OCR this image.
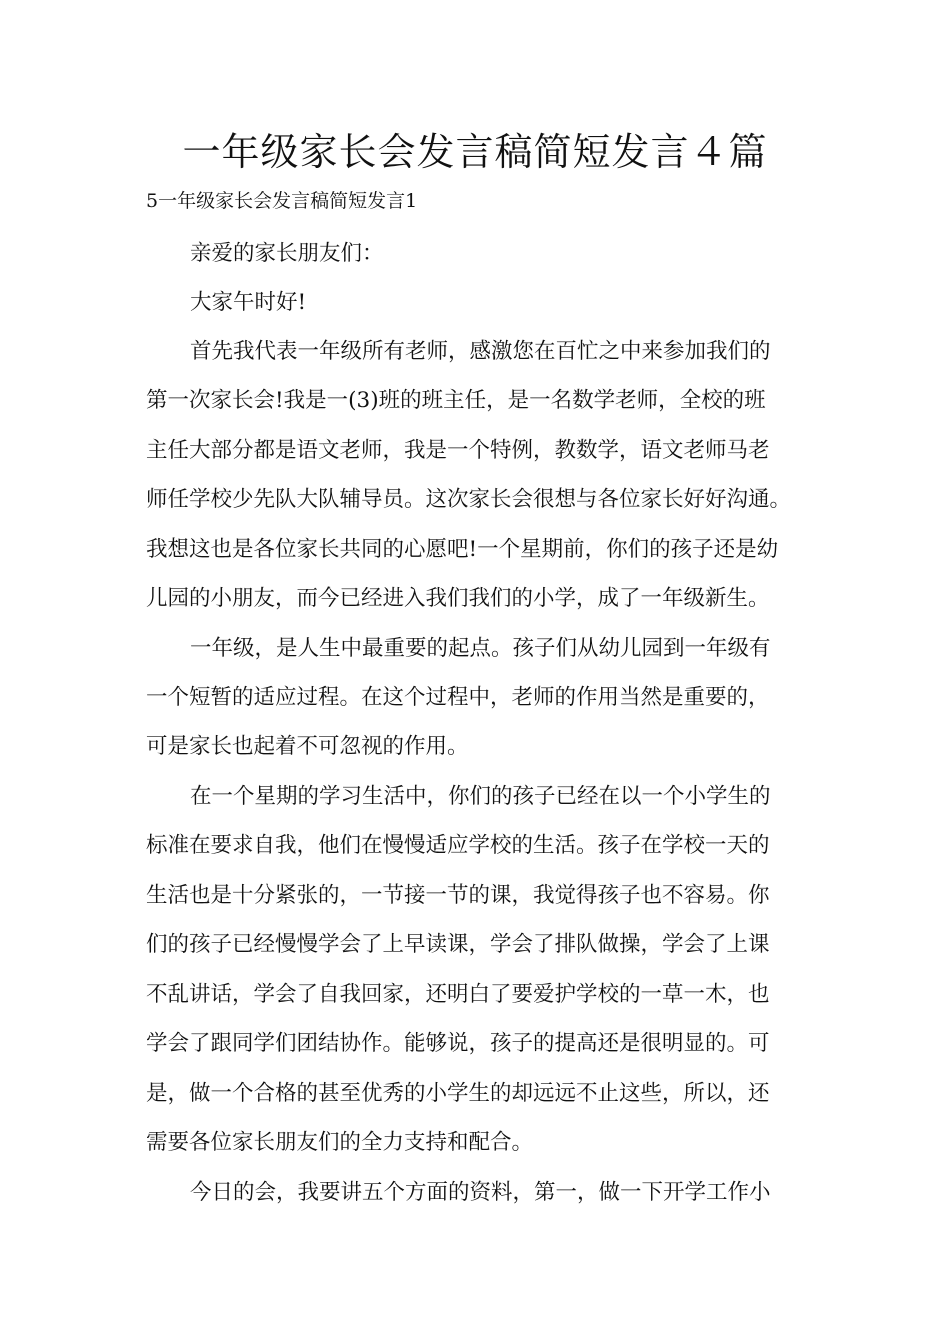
一年级家长会发言稿简短发言４篇

5一年级家长会发言稿简短发言1

亲爱的家长朋友们：

大家午时好!

首先我代表一年级所有老师，感激您在百忙之中来参加我们的

第一次家长会!我是一(3)班的班主任，是一名数学老师，全校的班

主任大部分都是语文老师，我是一个特例，教数学，语文老师马老

师任学校少先队大队辅导员。这次家长会很想与各位家长好好沟通。

我想这也是各位家长共同的心愿吧!一个星期前，你们的孩子还是幼

儿园的小朋友，而今已经进入我们我们的小学，成了一年级新生。

一年级，是人生中最重要的起点。孩子们从幼儿园到一年级有

一个短暂的适应过程。在这个过程中，老师的作用当然是重要的，

可是家长也起着不可忽视的作用。

在一个星期的学习生活中，你们的孩子已经在以一个小学生的

标准在要求自我，他们在慢慢适应学校的生活。孩子在学校一天的

生活也是十分紧张的，一节接一节的课，我觉得孩子也不容易。你

们的孩子已经慢慢学会了上早读课，学会了排队做操，学会了上课

不乱讲话，学会了自我回家，还明白了要爱护学校的一草一木，也

学会了跟同学们团结协作。能够说，孩子的提高还是很明显的。可

是，做一个合格的甚至优秀的小学生的却远远不止这些，所以，还

需要各位家长朋友们的全力支持和配合。

今日的会，我要讲五个方面的资料，第一，做一下开学工作小
